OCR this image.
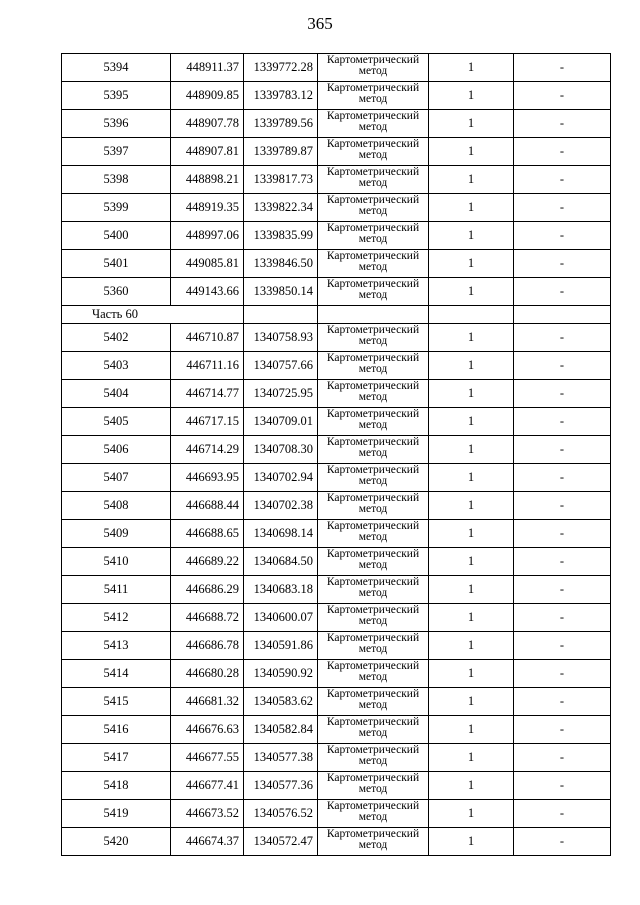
365
5394	448911.37	1339772.28	Картометрический
метод	1	-
5395	448909.85	1339783.12	Картометрический
метод	1	-
5396	448907.78	1339789.56	Картометрический
метод	1	-
5397	448907.81	1339789.87	Картометрический
метод	1	-
5398	448898.21	1339817.73	Картометрический
метод	1	-
5399	448919.35	1339822.34	Картометрический
метод	1	-
5400	448997.06	1339835.99	Картометрический
метод	1	-
5401	449085.81	1339846.50	Картометрический
метод	1	-
5360	449143.66	1339850.14	Картометрический
метод	1	-
Часть 60					
5402	446710.87	1340758.93	Картометрический
метод	1	-
5403	446711.16	1340757.66	Картометрический
метод	1	-
5404	446714.77	1340725.95	Картометрический
метод	1	-
5405	446717.15	1340709.01	Картометрический
метод	1	-
5406	446714.29	1340708.30	Картометрический
метод	1	-
5407	446693.95	1340702.94	Картометрический
метод	1	-
5408	446688.44	1340702.38	Картометрический
метод	1	-
5409	446688.65	1340698.14	Картометрический
метод	1	-
5410	446689.22	1340684.50	Картометрический
метод	1	-
5411	446686.29	1340683.18	Картометрический
метод	1	-
5412	446688.72	1340600.07	Картометрический
метод	1	-
5413	446686.78	1340591.86	Картометрический
метод	1	-
5414	446680.28	1340590.92	Картометрический
метод	1	-
5415	446681.32	1340583.62	Картометрический
метод	1	-
5416	446676.63	1340582.84	Картометрический
метод	1	-
5417	446677.55	1340577.38	Картометрический
метод	1	-
5418	446677.41	1340577.36	Картометрический
метод	1	-
5419	446673.52	1340576.52	Картометрический
метод	1	-
5420	446674.37	1340572.47	Картометрический
метод	1	-
